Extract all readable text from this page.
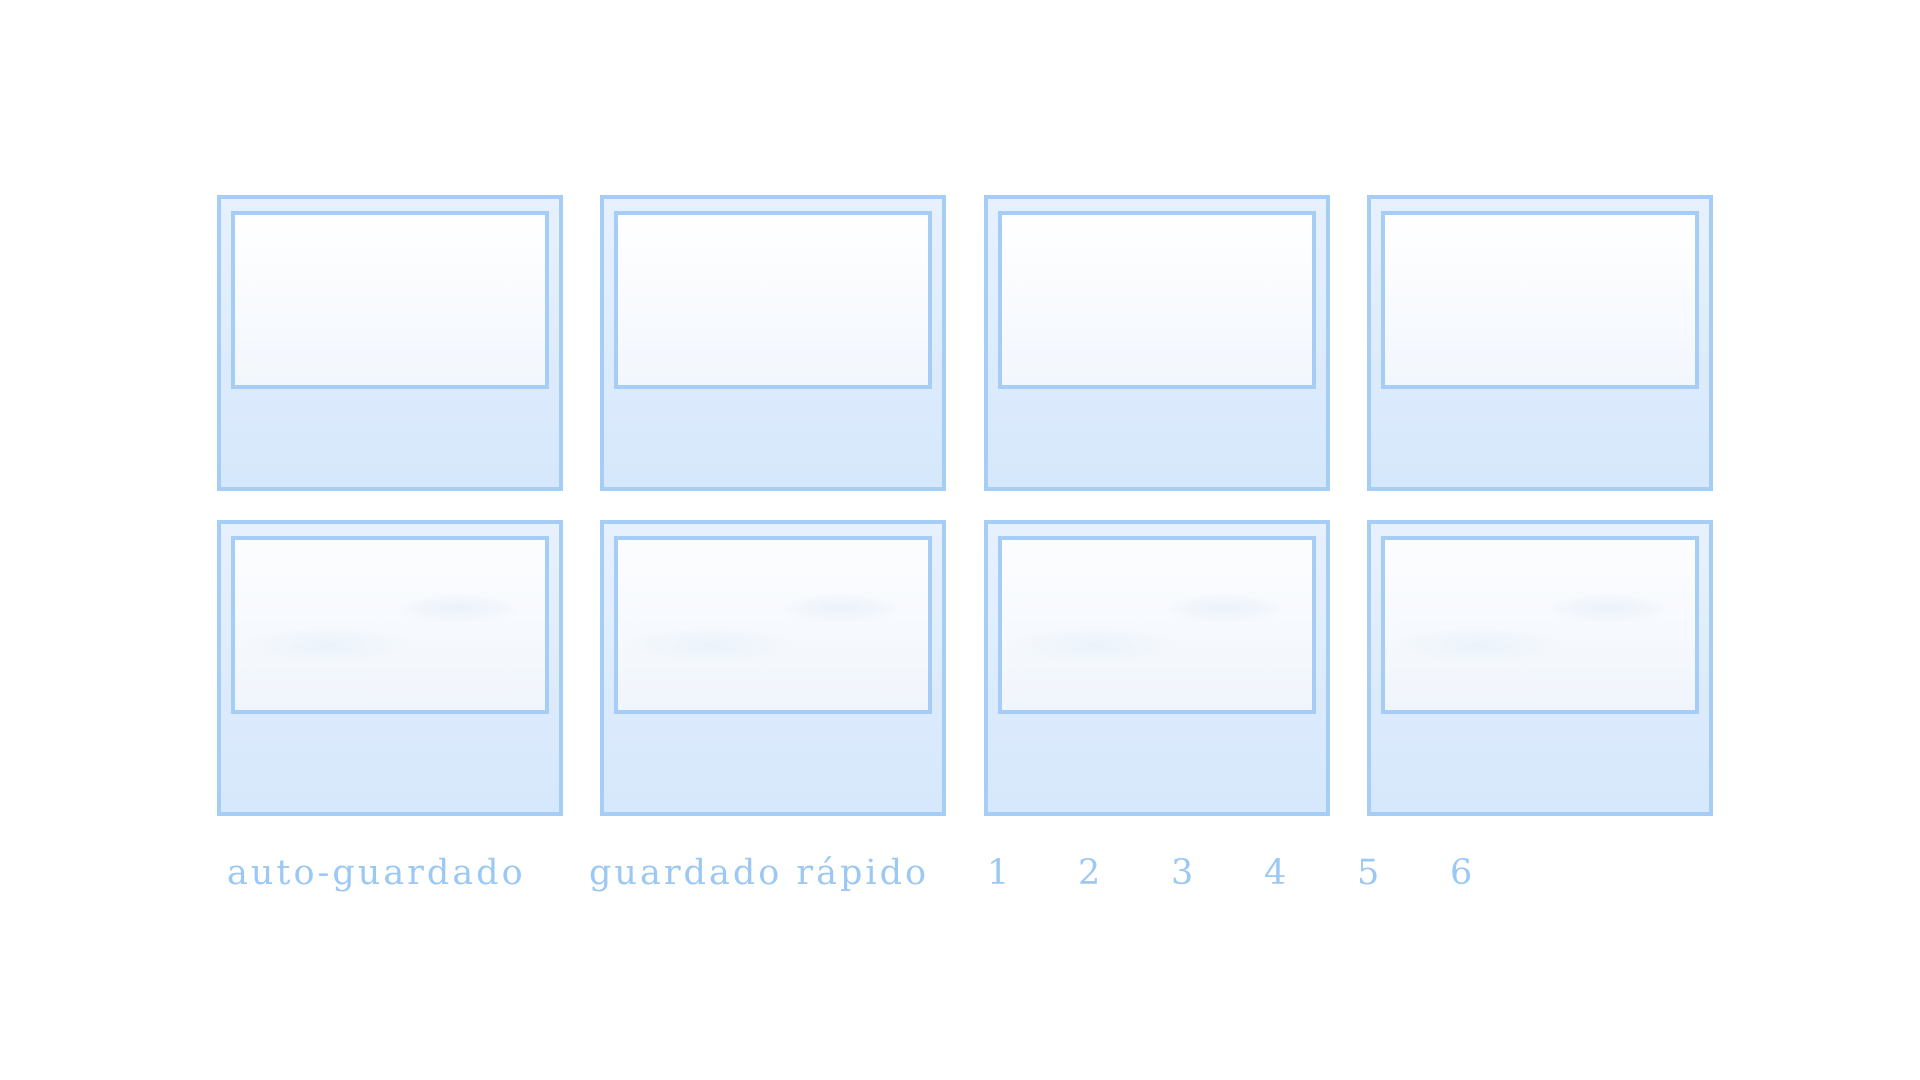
auto-guardado guardado rápido 1 2 3 4 5 6
